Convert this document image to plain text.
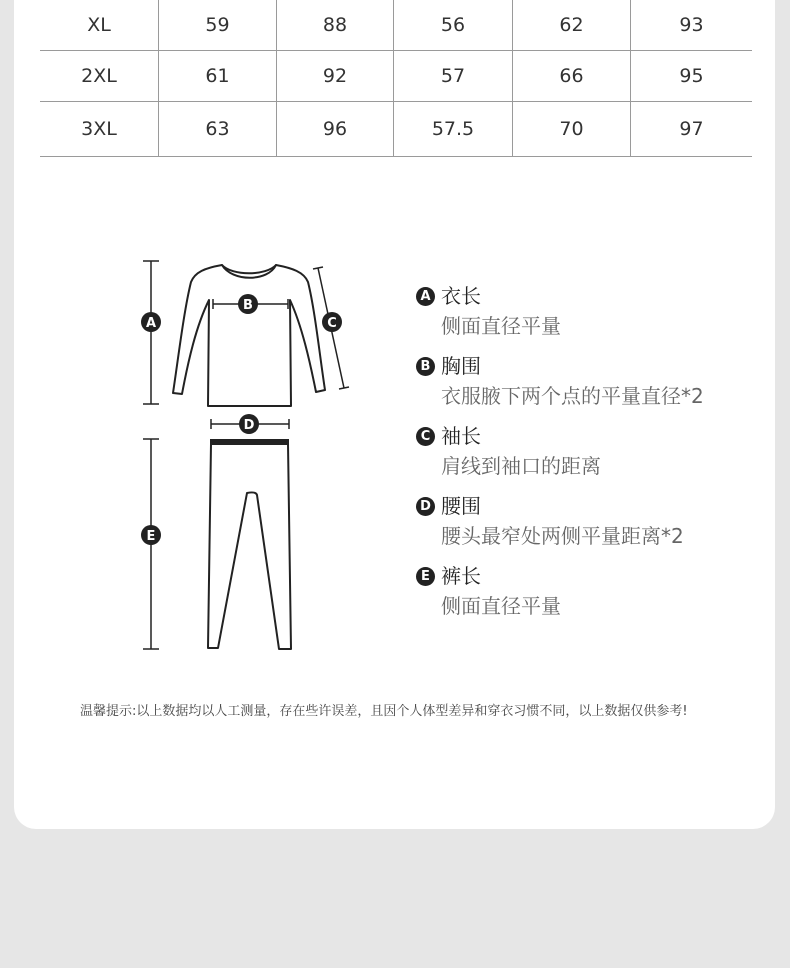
XL	59	88	56	62	93
2XL	61	92	57	66	95
3XL	63	96	57.5	70	97
A
B
C
D
E
A 衣长
侧面直径平量
B 胸围
衣服腋下两个点的平量直径*2
C 袖长
肩线到袖口的距离
D 腰围
腰头最窄处两侧平量距离*2
E 裤长
侧面直径平量
温馨提示:以上数据均以人工测量，存在些许误差，且因个人体型差异和穿衣习惯不同，以上数据仅供参考!
